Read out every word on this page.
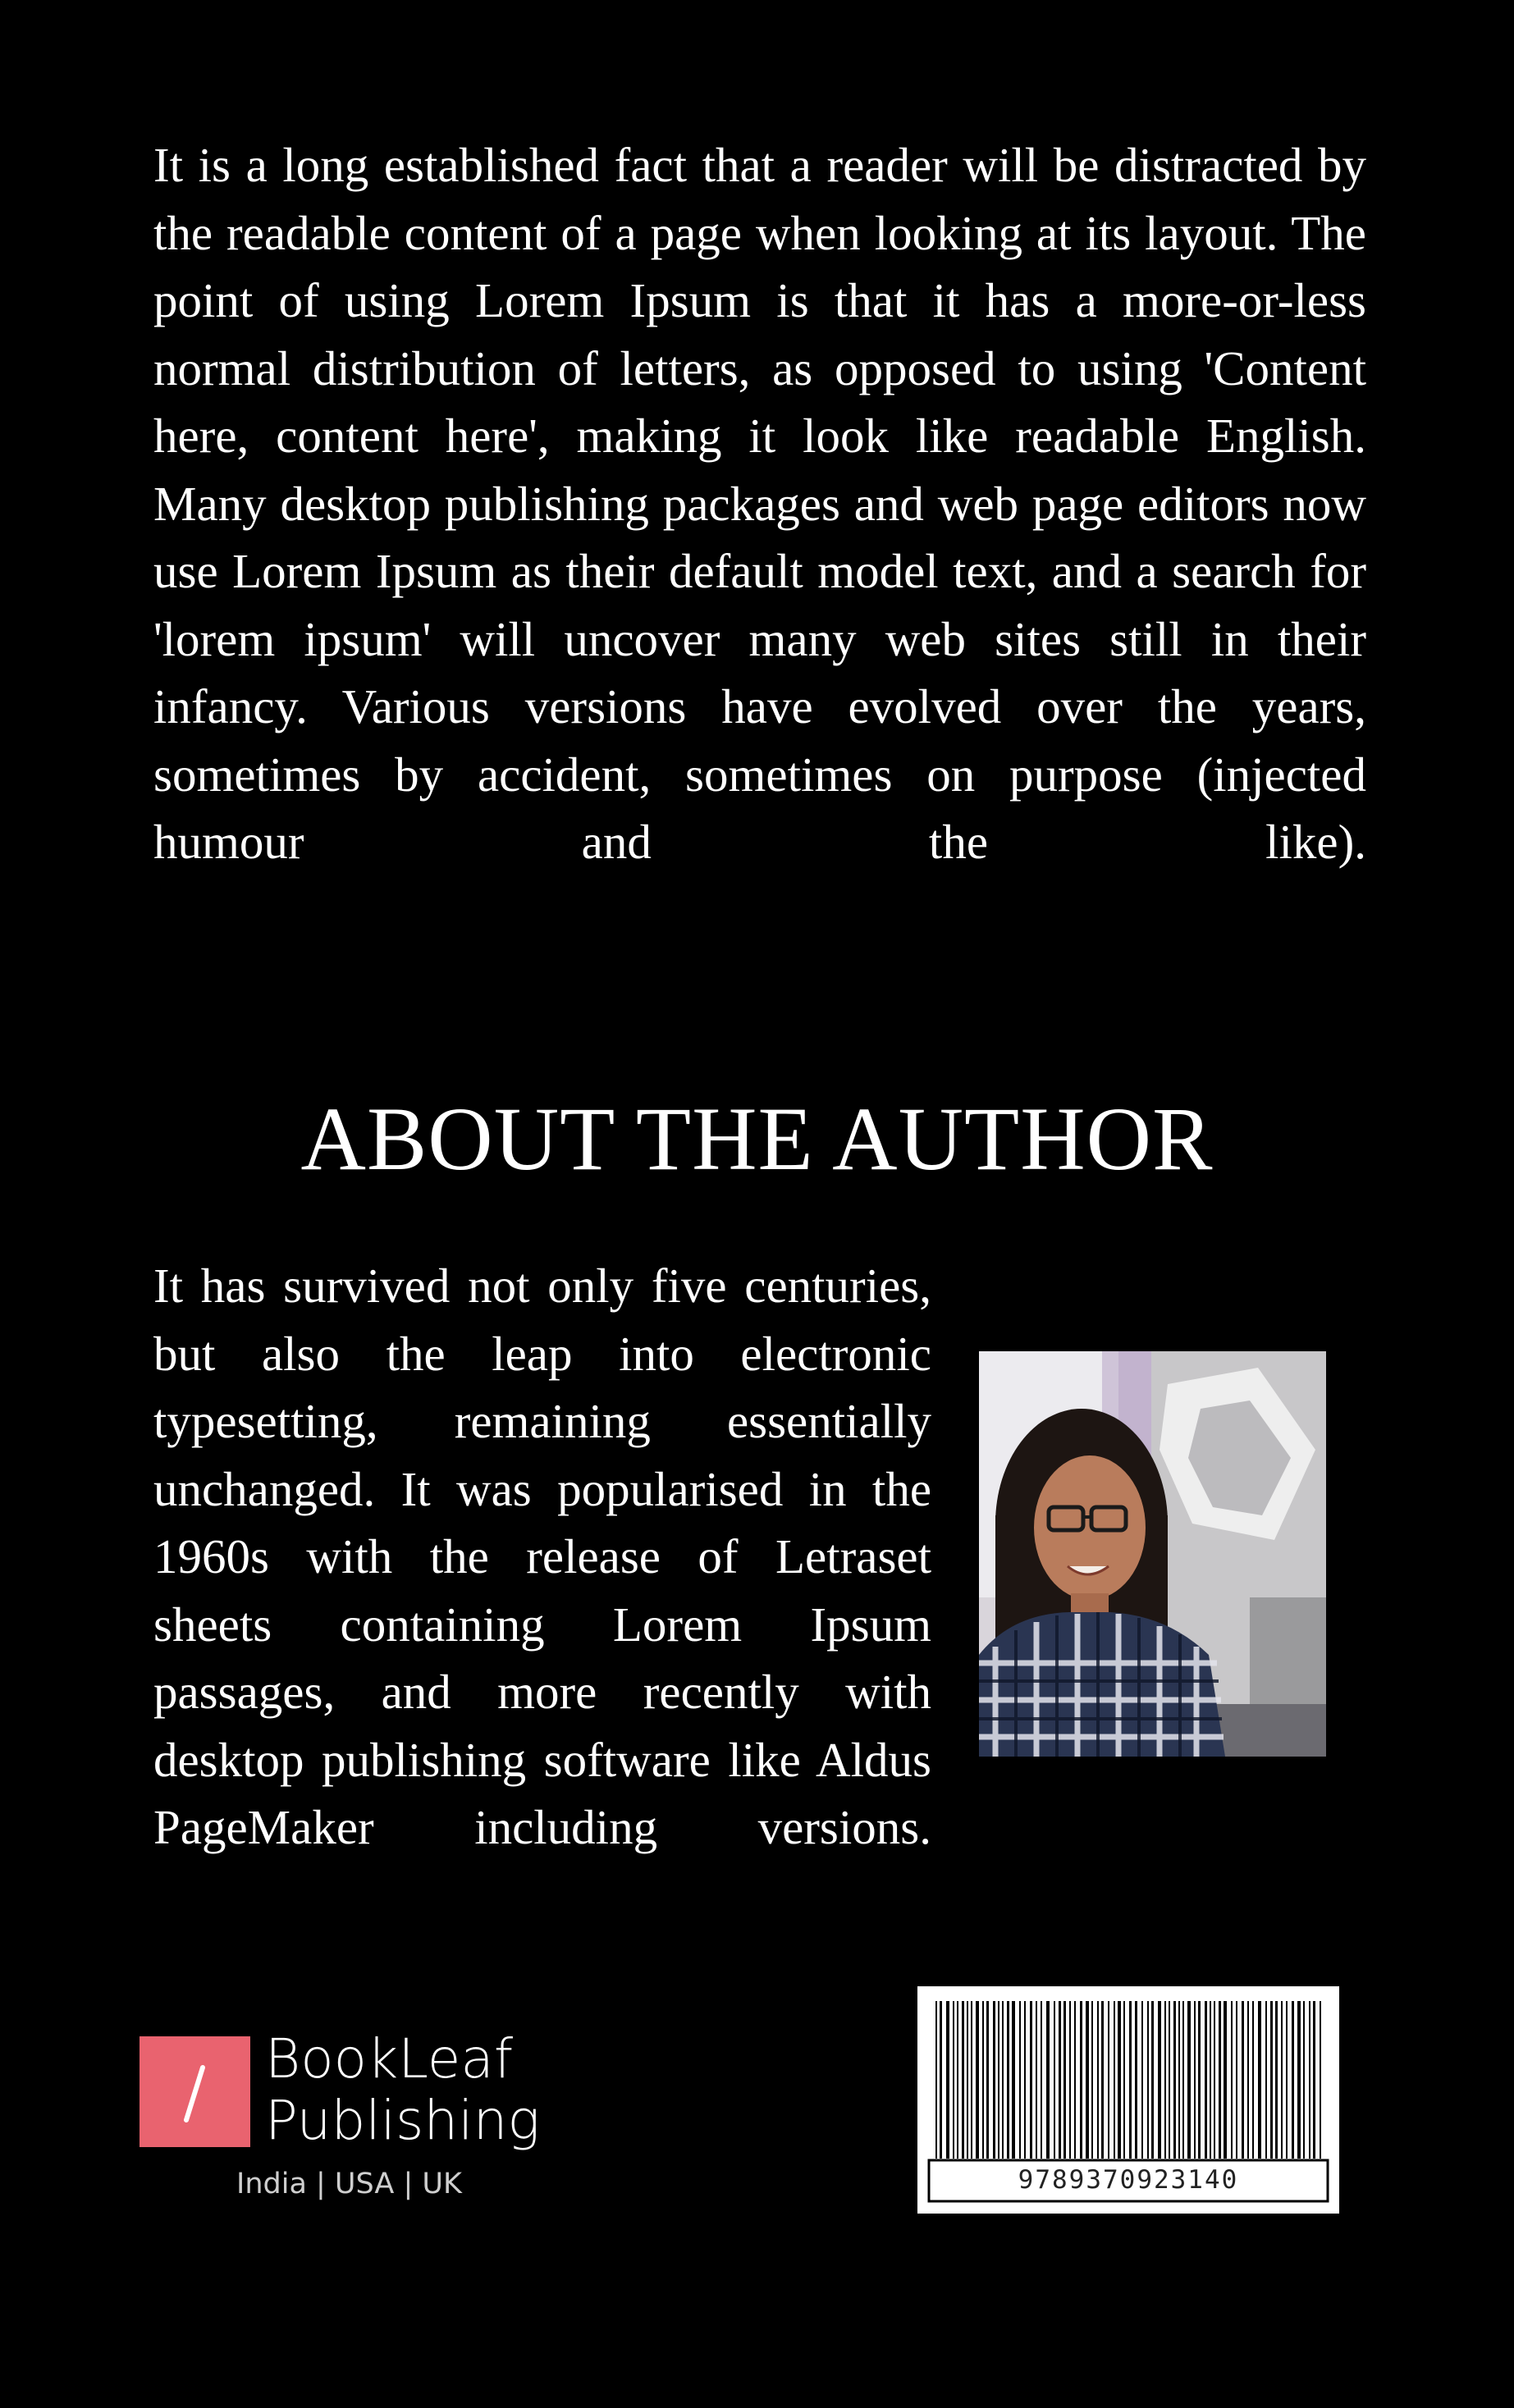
It is a long established fact that a reader will be distracted by the readable content of a page when looking at its layout. The point of using Lorem Ipsum is that it has a more-or-less normal distribution of letters, as opposed to using 'Content here, content here', making it look like readable English. Many desktop publishing packages and web page editors now use Lorem Ipsum as their default model text, and a search for 'lorem ipsum' will uncover many web sites still in their infancy. Various versions have evolved over the years, sometimes by accident, sometimes on purpose (injected humour and the like).

ABOUT THE AUTHOR

It has survived not only five centuries, but also the leap into electronic typesetting, remaining essentially unchanged. It was popularised in the 1960s with the release of Letraset sheets containing Lorem Ipsum passages, and more recently with desktop publishing software like Aldus PageMaker including versions.

BookLeaf
Publishing
India | USA | UK	9789370923140
